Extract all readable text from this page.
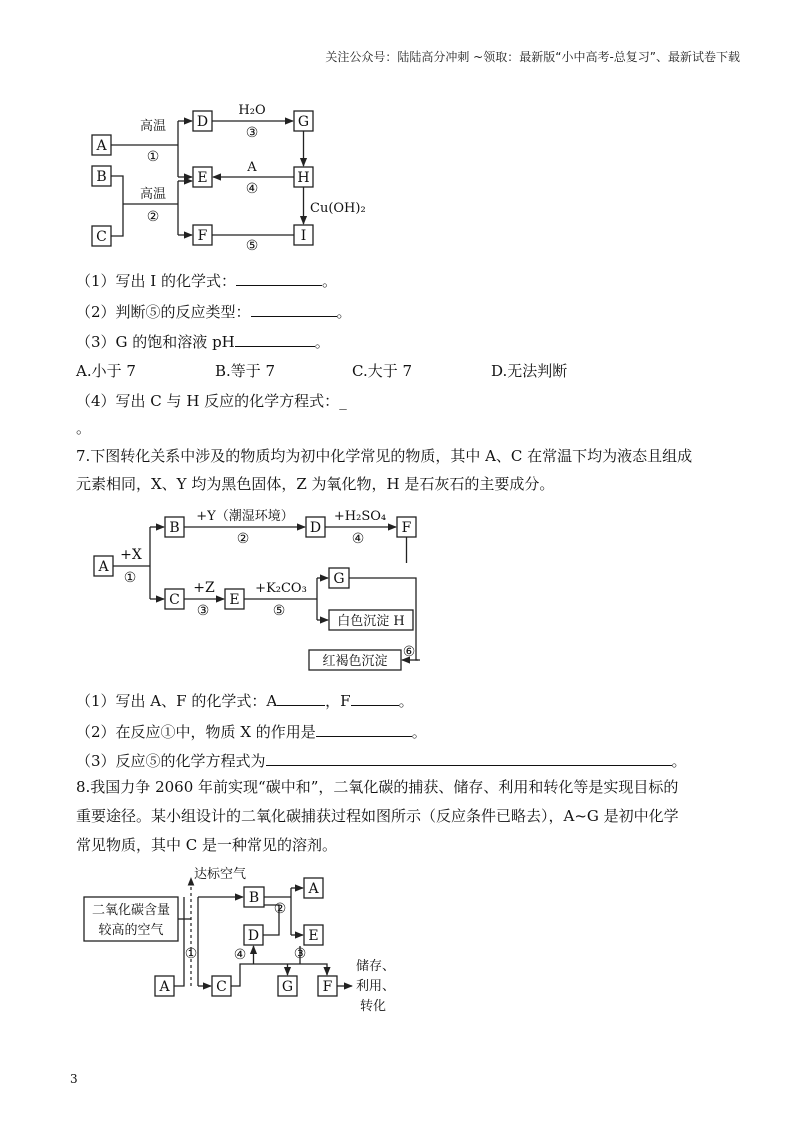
关注公众号：陆陆高分冲刺 ~领取：最新版“小中高考-总复习”、最新试卷下载
A
B
C
D
E
F
G
H
I
高温
①
高温
②
H₂O
③
A
④
Cu(OH)₂
⑤
（1）写出 I 的化学式：	。
（2）判断⑤的反应类型：	。
（3）G 的饱和溶液 pH	。
A.小于 7	B.等于 7	C.大于 7	D.无法判断
（4）写出 C 与 H 反应的化学方程式：_
。
7.下图转化关系中涉及的物质均为初中化学常见的物质，其中 A、C 在常温下均为液态且组成
元素相同，X、Y 均为黑色固体，Z 为氧化物，H 是石灰石的主要成分。
A
+X
①
B
+Y（潮湿环境）
②
D
+H₂SO₄
④
F
C
+Z
③
E
+K₂CO₃
⑤
G
白色沉淀 H
红褐色沉淀
⑥
（1）写出 A、F 的化学式：A	，F	。
（2）在反应①中，物质 X 的作用是	。
（3）反应⑤的化学方程式为	。
8.我国力争 2060 年前实现“碳中和”，二氧化碳的捕获、储存、利用和转化等是实现目标的
重要途径。某小组设计的二氧化碳捕获过程如图所示（反应条件已略去），A~G 是初中化学
常见物质，其中 C 是一种常见的溶剂。
达标空气
二氧化碳含量
较高的空气
①
A
B
②
A
E
D
④
C	G
③
F
储存、
利用、
转化
3
